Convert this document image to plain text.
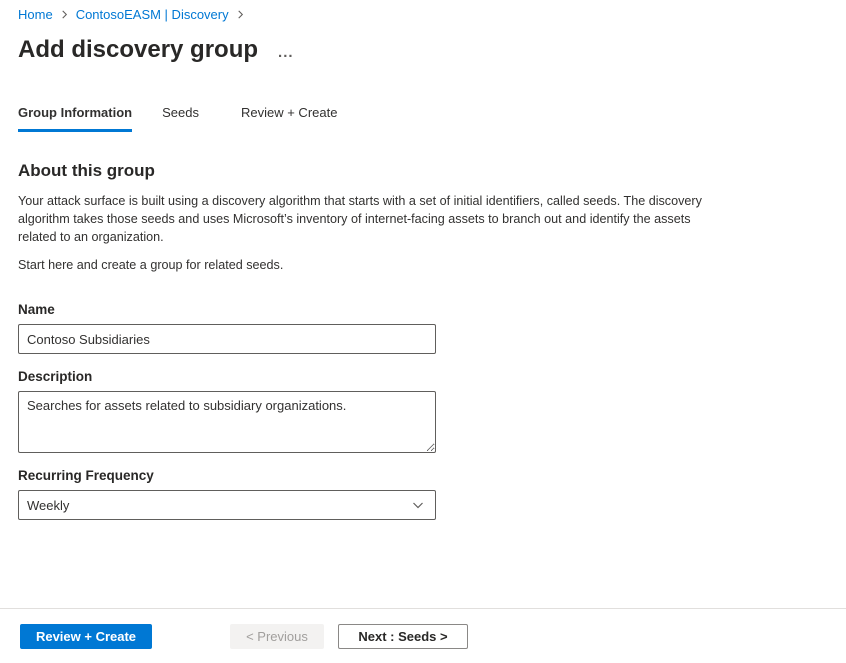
Home ContosoEASM | Discovery
Add discovery group ...
Group Information Seeds	Review + Create
About this group

Your attack surface is built using a discovery algorithm that starts with a set of initial identifiers, called seeds. The discovery algorithm takes those seeds and uses Microsoft’s inventory of internet-facing assets to branch out and identify the assets related to an organization.

Start here and create a group for related seeds.

Name
Contoso Subsidiaries
Description
Searches for assets related to subsidiary organizations.
Recurring Frequency
Weekly
Review + Create	< Previous	Next : Seeds >
